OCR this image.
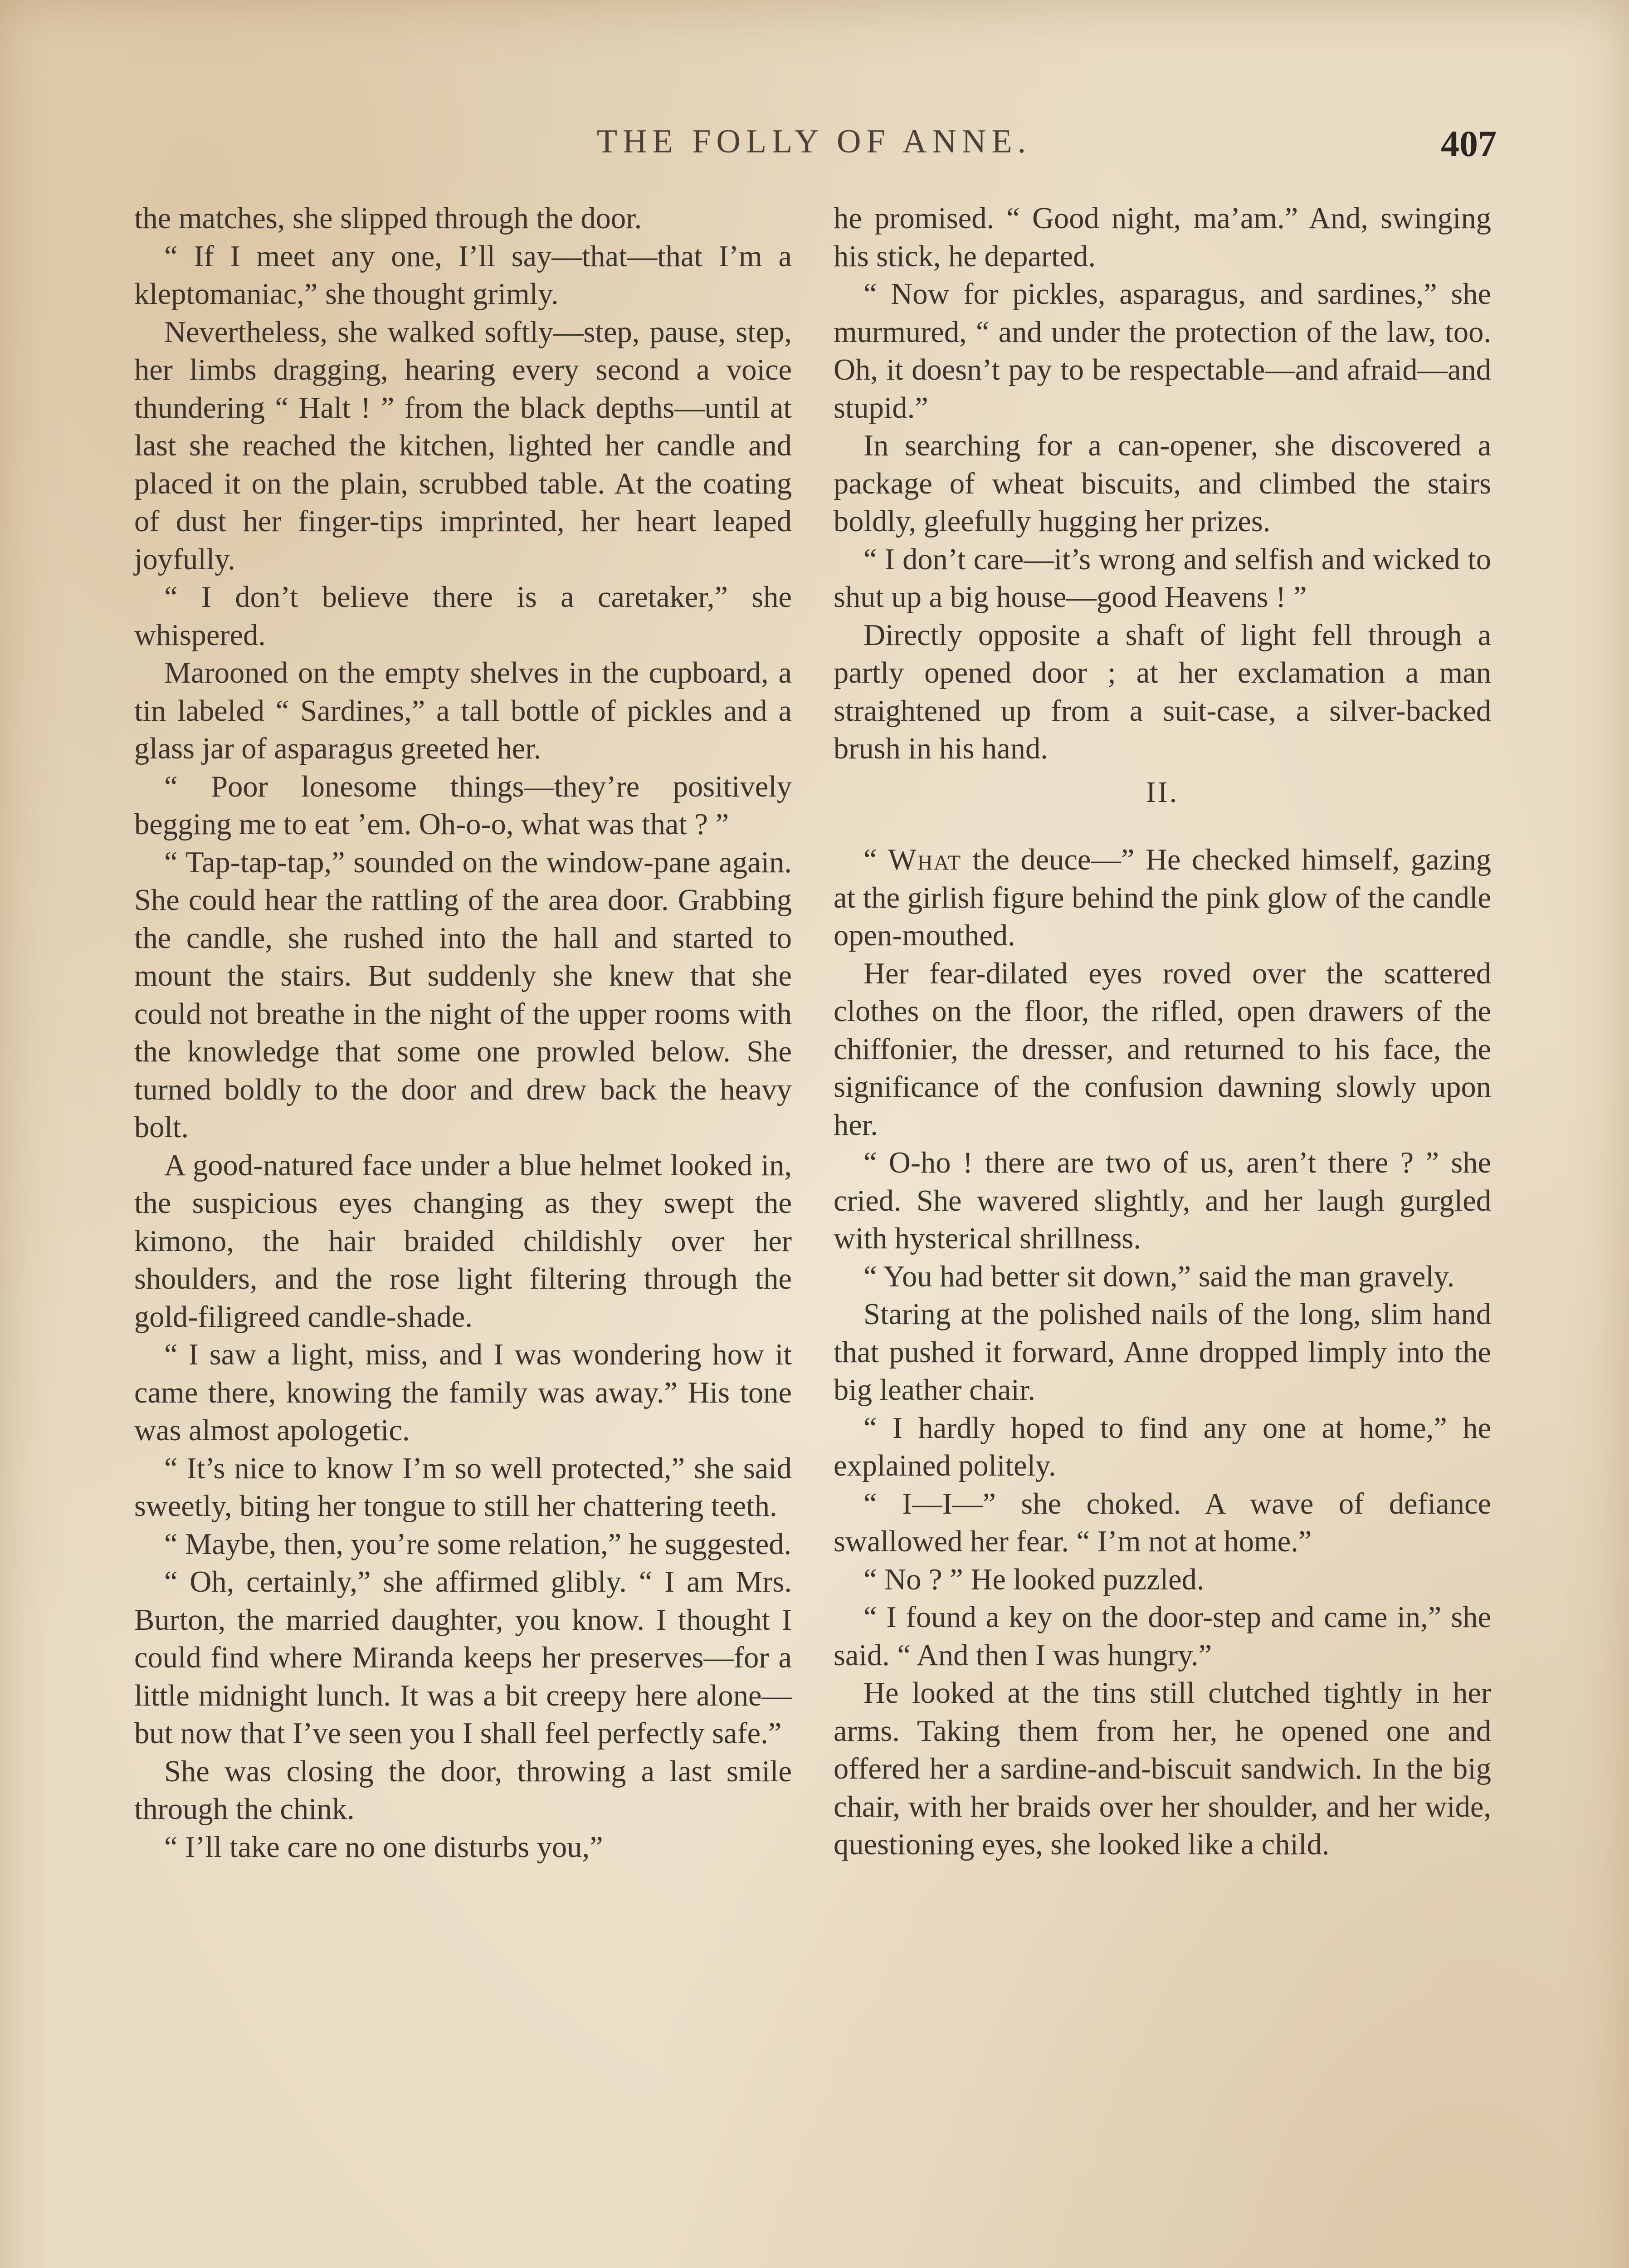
THE FOLLY OF ANNE.	407

the matches, she slipped through the door.

“ If I meet any one, I’ll say—that—that I’m a kleptomaniac,” she thought grimly.

Nevertheless, she walked softly—step, pause, step, her limbs dragging, hearing every second a voice thundering “ Halt ! ” from the black depths—until at last she reached the kitchen, lighted her candle and placed it on the plain, scrubbed table. At the coating of dust her finger-tips imprinted, her heart leaped joyfully.

“ I don’t believe there is a caretaker,” she whispered.

Marooned on the empty shelves in the cupboard, a tin labeled “ Sardines,” a tall bottle of pickles and a glass jar of asparagus greeted her.

“ Poor lonesome things—they’re positively begging me to eat ’em. Oh-o-o, what was that ? ”

“ Tap-tap-tap,” sounded on the window-pane again. She could hear the rattling of the area door. Grabbing the candle, she rushed into the hall and started to mount the stairs. But suddenly she knew that she could not breathe in the night of the upper rooms with the knowledge that some one prowled below. She turned boldly to the door and drew back the heavy bolt.

A good-natured face under a blue helmet looked in, the suspicious eyes changing as they swept the kimono, the hair braided childishly over her shoulders, and the rose light filtering through the gold-filigreed candle-shade.

“ I saw a light, miss, and I was wondering how it came there, knowing the family was away.” His tone was almost apologetic.

“ It’s nice to know I’m so well protected,” she said sweetly, biting her tongue to still her chattering teeth.

“ Maybe, then, you’re some relation,” he suggested.

“ Oh, certainly,” she affirmed glibly. “ I am Mrs. Burton, the married daughter, you know. I thought I could find where Miranda keeps her preserves—for a little midnight lunch. It was a bit creepy here alone—but now that I’ve seen you I shall feel perfectly safe.”

She was closing the door, throwing a last smile through the chink.

“ I’ll take care no one disturbs you,”

he promised. “ Good night, ma’am.” And, swinging his stick, he departed.

“ Now for pickles, asparagus, and sardines,” she murmured, “ and under the protection of the law, too. Oh, it doesn’t pay to be respectable—and afraid—and stupid.”

In searching for a can-opener, she discovered a package of wheat biscuits, and climbed the stairs boldly, gleefully hugging her prizes.

“ I don’t care—it’s wrong and selfish and wicked to shut up a big house—good Heavens ! ”

Directly opposite a shaft of light fell through a partly opened door ; at her exclamation a man straightened up from a suit-case, a silver-backed brush in his hand.

II.

“ What the deuce—” He checked himself, gazing at the girlish figure behind the pink glow of the candle open-mouthed.

Her fear-dilated eyes roved over the scattered clothes on the floor, the rifled, open drawers of the chiffonier, the dresser, and returned to his face, the significance of the confusion dawning slowly upon her.

“ O-ho ! there are two of us, aren’t there ? ” she cried. She wavered slightly, and her laugh gurgled with hysterical shrillness.

“ You had better sit down,” said the man gravely.

Staring at the polished nails of the long, slim hand that pushed it forward, Anne dropped limply into the big leather chair.

“ I hardly hoped to find any one at home,” he explained politely.

“ I—I—” she choked. A wave of defiance swallowed her fear. “ I’m not at home.”

“ No ? ” He looked puzzled.

“ I found a key on the door-step and came in,” she said. “ And then I was hungry.”

He looked at the tins still clutched tightly in her arms. Taking them from her, he opened one and offered her a sardine-and-biscuit sandwich. In the big chair, with her braids over her shoulder, and her wide, questioning eyes, she looked like a child.
